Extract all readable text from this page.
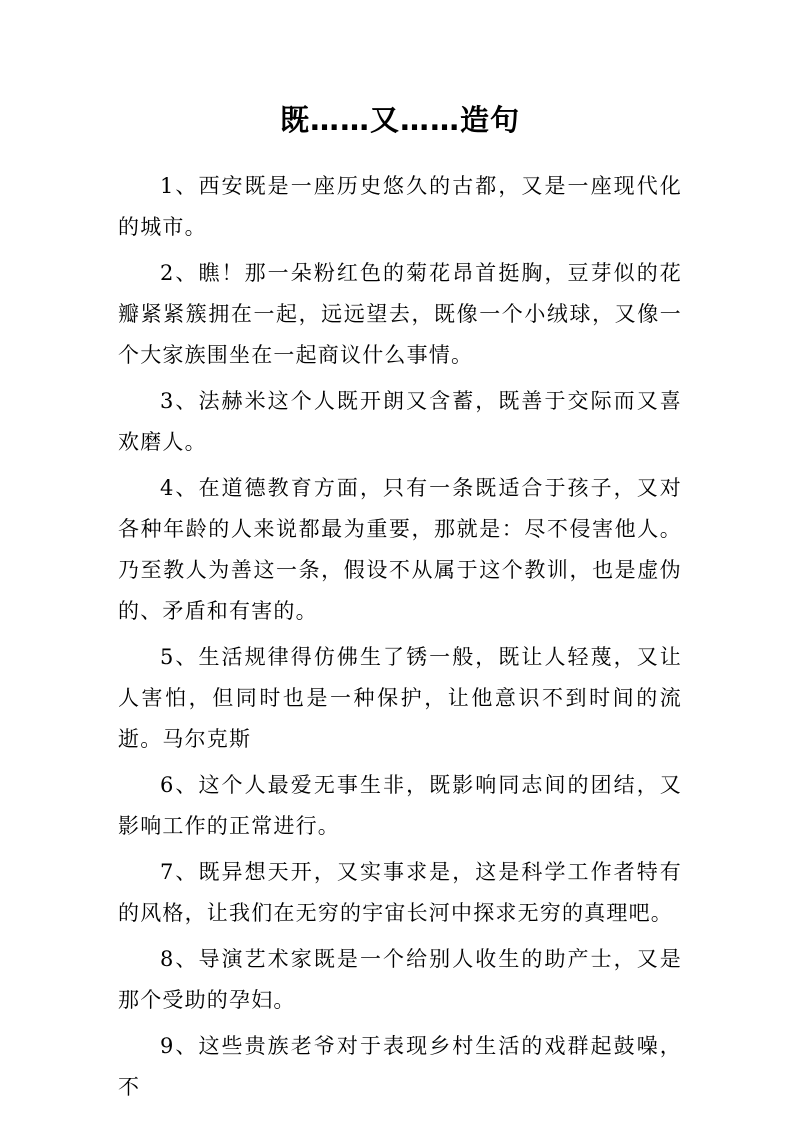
既……又……造句

1、西安既是一座历史悠久的古都，又是一座现代化的城市。

2、瞧！那一朵粉红色的菊花昂首挺胸，豆芽似的花瓣紧紧簇拥在一起，远远望去，既像一个小绒球，又像一个大家族围坐在一起商议什么事情。

3、法赫米这个人既开朗又含蓄，既善于交际而又喜欢磨人。

4、在道德教育方面，只有一条既适合于孩子，又对各种年龄的人来说都最为重要，那就是：尽不侵害他人。乃至教人为善这一条，假设不从属于这个教训，也是虚伪的、矛盾和有害的。

5、生活规律得仿佛生了锈一般，既让人轻蔑，又让人害怕，但同时也是一种保护，让他意识不到时间的流逝。马尔克斯

6、这个人最爱无事生非，既影响同志间的团结，又影响工作的正常进行。

7、既异想天开，又实事求是，这是科学工作者特有的风格，让我们在无穷的宇宙长河中探求无穷的真理吧。

8、导演艺术家既是一个给别人收生的助产士，又是那个受助的孕妇。

9、这些贵族老爷对于表现乡村生活的戏群起鼓噪，不
